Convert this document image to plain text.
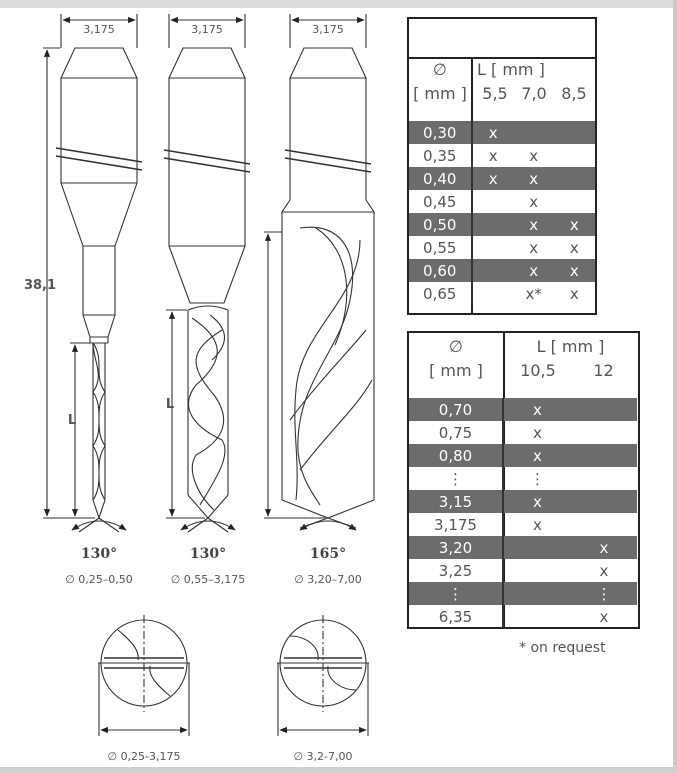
3,175	3,175	3,175
38,1
L
L
130°	130°	165°
∅ 0,25–0,50	∅ 0,55–3,175	∅ 3,20–7,00
∅ 0,25-3,175	∅ 3,2-7,00
∅
[ mm ]
L [ mm ]
5,5 7,0 8,5
0,30	x		
0,35	x	x	
0,40	x	x	
0,45		x	
0,50		x	x
0,55		x	x
0,60		x	x
0,65		x*	x
∅
[ mm ]
L [ mm ]
10,5	12
0,70	x	
0,75	x	
0,80	x	
⋮	⋮	
3,15	x	
3,175	x	
3,20		x
3,25		x
⋮		⋮
6,35		x
* on request
